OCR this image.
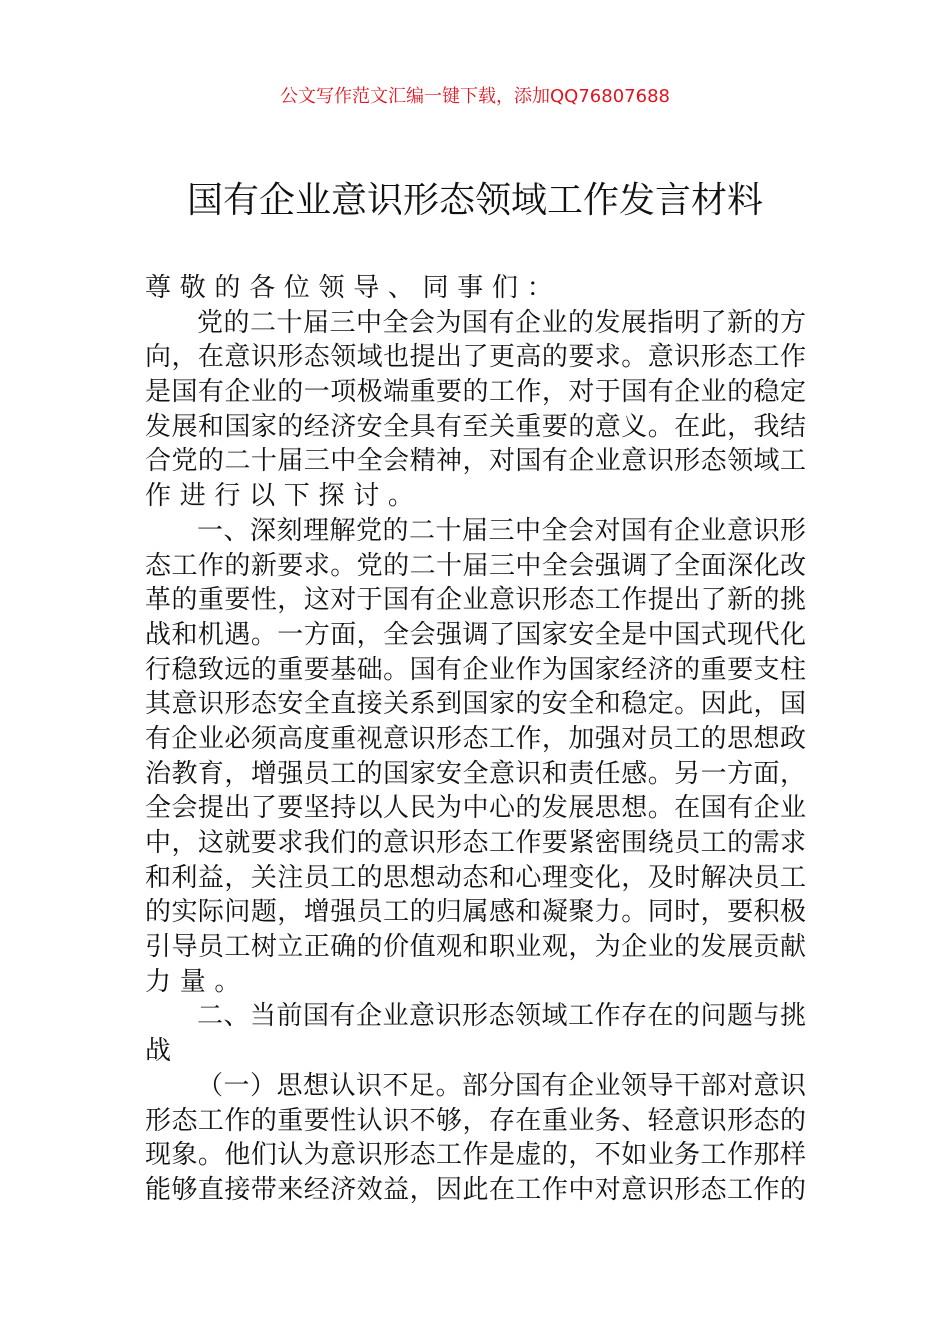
公文写作范文汇编一键下载，添加QQ76807688
国有企业意识形态领域工作发言材料
尊敬的各位领导、同事们：
党的二十届三中全会为国有企业的发展指明了新的方
向，在意识形态领域也提出了更高的要求。意识形态工作
是国有企业的一项极端重要的工作，对于国有企业的稳定
发展和国家的经济安全具有至关重要的意义。在此，我结
合党的二十届三中全会精神，对国有企业意识形态领域工
作进行以下探讨。
一、深刻理解党的二十届三中全会对国有企业意识形
态工作的新要求。党的二十届三中全会强调了全面深化改
革的重要性，这对于国有企业意识形态工作提出了新的挑
战和机遇。一方面，全会强调了国家安全是中国式现代化
行稳致远的重要基础。国有企业作为国家经济的重要支柱
其意识形态安全直接关系到国家的安全和稳定。因此，国
有企业必须高度重视意识形态工作，加强对员工的思想政
治教育，增强员工的国家安全意识和责任感。另一方面，
全会提出了要坚持以人民为中心的发展思想。在国有企业
中，这就要求我们的意识形态工作要紧密围绕员工的需求
和利益，关注员工的思想动态和心理变化，及时解决员工
的实际问题，增强员工的归属感和凝聚力。同时，要积极
引导员工树立正确的价值观和职业观，为企业的发展贡献
力量。
二、当前国有企业意识形态领域工作存在的问题与挑
战
（一）思想认识不足。部分国有企业领导干部对意识
形态工作的重要性认识不够，存在重业务、轻意识形态的
现象。他们认为意识形态工作是虚的，不如业务工作那样
能够直接带来经济效益，因此在工作中对意识形态工作的
